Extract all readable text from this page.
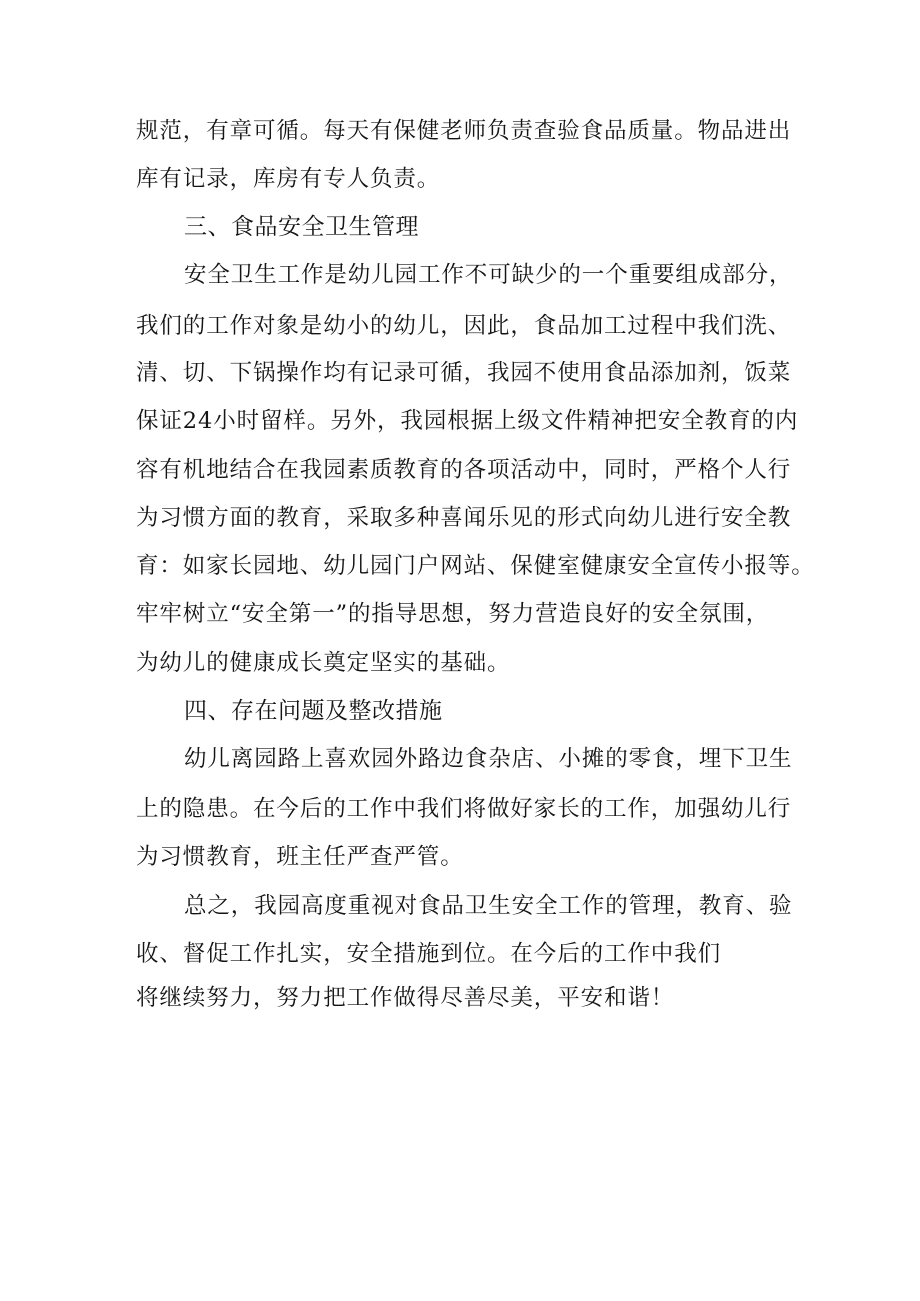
规范，有章可循。每天有保健老师负责查验食品质量。物品进出
库有记录，库房有专人负责。
三、食品安全卫生管理
安全卫生工作是幼儿园工作不可缺少的一个重要组成部分，
我们的工作对象是幼小的幼儿，因此，食品加工过程中我们洗、
清、切、下锅操作均有记录可循，我园不使用食品添加剂，饭菜
保证24小时留样。另外，我园根据上级文件精神把安全教育的内
容有机地结合在我园素质教育的各项活动中，同时，严格个人行
为习惯方面的教育，采取多种喜闻乐见的形式向幼儿进行安全教
育：如家长园地、幼儿园门户网站、保健室健康安全宣传小报等。
牢牢树立“安全第一”的指导思想，努力营造良好的安全氛围，
为幼儿的健康成长奠定坚实的基础。
四、存在问题及整改措施
幼儿离园路上喜欢园外路边食杂店、小摊的零食，埋下卫生
上的隐患。在今后的工作中我们将做好家长的工作，加强幼儿行
为习惯教育，班主任严查严管。
总之，我园高度重视对食品卫生安全工作的管理，教育、验
收、督促工作扎实，安全措施到位。在今后的工作中我们
将继续努力，努力把工作做得尽善尽美，平安和谐！
